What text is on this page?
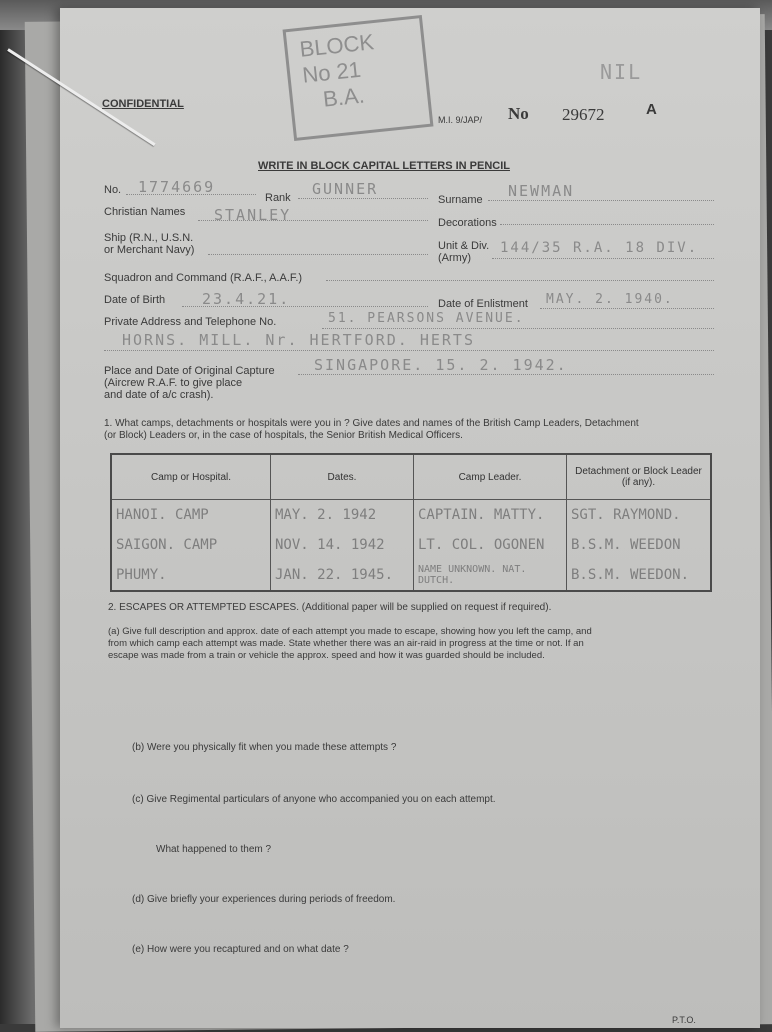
CONFIDENTIAL
BLOCK
No 21
B.A.
NIL
M.I. 9/JAP/ No 29672	A
WRITE IN BLOCK CAPITAL LETTERS IN PENCIL
No. 1774669
Rank GUNNER
Surname NEWMAN
Christian Names STANLEY	Decorations
Ship (R.N., U.S.N.
or Merchant Navy)	Unit & Div.
(Army)
144/35 R.A. 18 DIV.
Squadron and Command (R.A.F., A.A.F.)
Date of Birth 23.4.21.	Date of Enlistment MAY. 2. 1940.
Private Address and Telephone No.	51. PEARSONS AVENUE.
HORNS. MILL. Nr. HERTFORD. HERTS
Place and Date of Original Capture
(Aircrew R.A.F. to give place
and date of a/c crash).
SINGAPORE. 15. 2. 1942.
1. What camps, detachments or hospitals were you in ? Give dates and names of the British Camp Leaders, Detachment
(or Block) Leaders or, in the case of hospitals, the Senior British Medical Officers.
Camp or Hospital.	Dates.	Camp Leader.	Detachment or Block Leader (if any).
HANOI. CAMP	MAY. 2. 1942	CAPTAIN. MATTY.	SGT. RAYMOND.
SAIGON. CAMP	NOV. 14. 1942	LT. COL. OGONEN	B.S.M. WEEDON
PHUMY.	JAN. 22. 1945.	NAME UNKNOWN. NAT. DUTCH.	B.S.M. WEEDON.
2. ESCAPES OR ATTEMPTED ESCAPES. (Additional paper will be supplied on request if required).
(a) Give full description and approx. date of each attempt you made to escape, showing how you left the camp, and
from which camp each attempt was made. State whether there was an air-raid in progress at the time or not. If an
escape was made from a train or vehicle the approx. speed and how it was guarded should be included.
(b) Were you physically fit when you made these attempts ?
(c) Give Regimental particulars of anyone who accompanied you on each attempt.
What happened to them ?
(d) Give briefly your experiences during periods of freedom.
(e) How were you recaptured and on what date ?
P.T.O.
